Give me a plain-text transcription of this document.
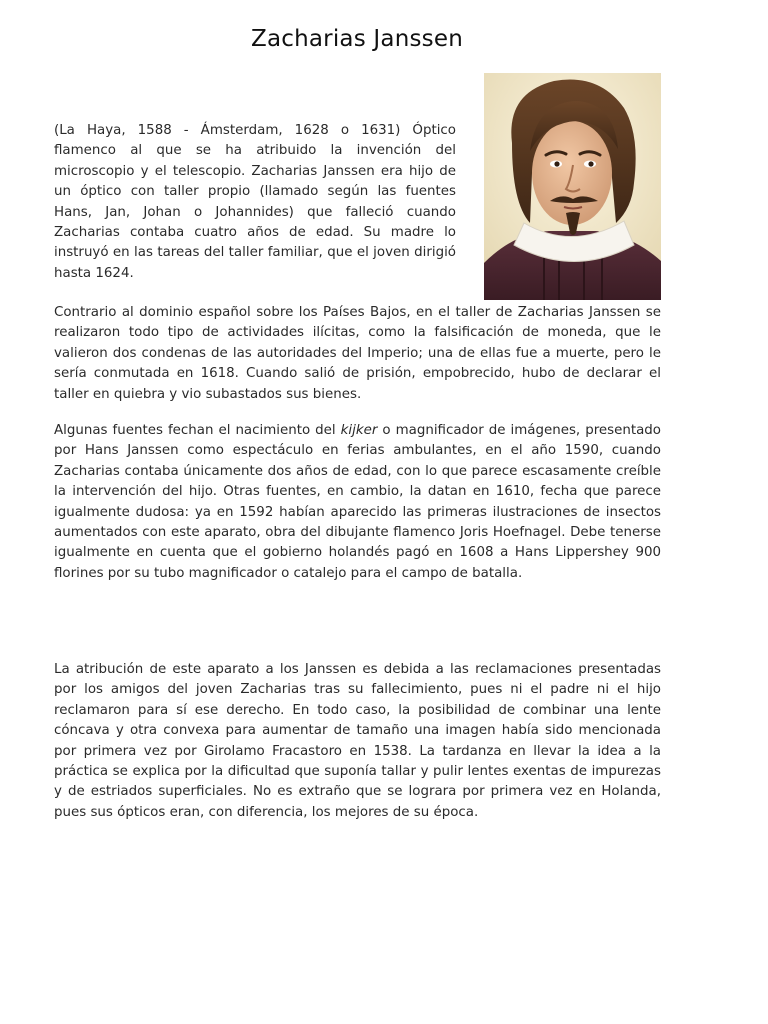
Zacharias Janssen

(La Haya, 1588 - Ámsterdam, 1628 o 1631) Óptico flamenco al que se ha atribuido la invención del microscopio y el telescopio. Zacharias Janssen era hijo de un óptico con taller propio (llamado según las fuentes Hans, Jan, Johan o Johannides) que falleció cuando Zacharias contaba cuatro años de edad. Su madre lo instruyó en las tareas del taller familiar, que el joven dirigió hasta 1624.

Contrario al dominio español sobre los Países Bajos, en el taller de Zacharias Janssen se realizaron todo tipo de actividades ilícitas, como la falsificación de moneda, que le valieron dos condenas de las autoridades del Imperio; una de ellas fue a muerte, pero le sería conmutada en 1618. Cuando salió de prisión, empobrecido, hubo de declarar el taller en quiebra y vio subastados sus bienes.

Algunas fuentes fechan el nacimiento del kijker o magnificador de imágenes, presentado por Hans Janssen como espectáculo en ferias ambulantes, en el año 1590, cuando Zacharias contaba únicamente dos años de edad, con lo que parece escasamente creíble la intervención del hijo. Otras fuentes, en cambio, la datan en 1610, fecha que parece igualmente dudosa: ya en 1592 habían aparecido las primeras ilustraciones de insectos aumentados con este aparato, obra del dibujante flamenco Joris Hoefnagel. Debe tenerse igualmente en cuenta que el gobierno holandés pagó en 1608 a Hans Lippershey 900 florines por su tubo magnificador o catalejo para el campo de batalla.

La atribución de este aparato a los Janssen es debida a las reclamaciones presentadas por los amigos del joven Zacharias tras su fallecimiento, pues ni el padre ni el hijo reclamaron para sí ese derecho. En todo caso, la posibilidad de combinar una lente cóncava y otra convexa para aumentar de tamaño una imagen había sido mencionada por primera vez por Girolamo Fracastoro en 1538. La tardanza en llevar la idea a la práctica se explica por la dificultad que suponía tallar y pulir lentes exentas de impurezas y de estriados superficiales. No es extraño que se lograra por primera vez en Holanda, pues sus ópticos eran, con diferencia, los mejores de su época.
